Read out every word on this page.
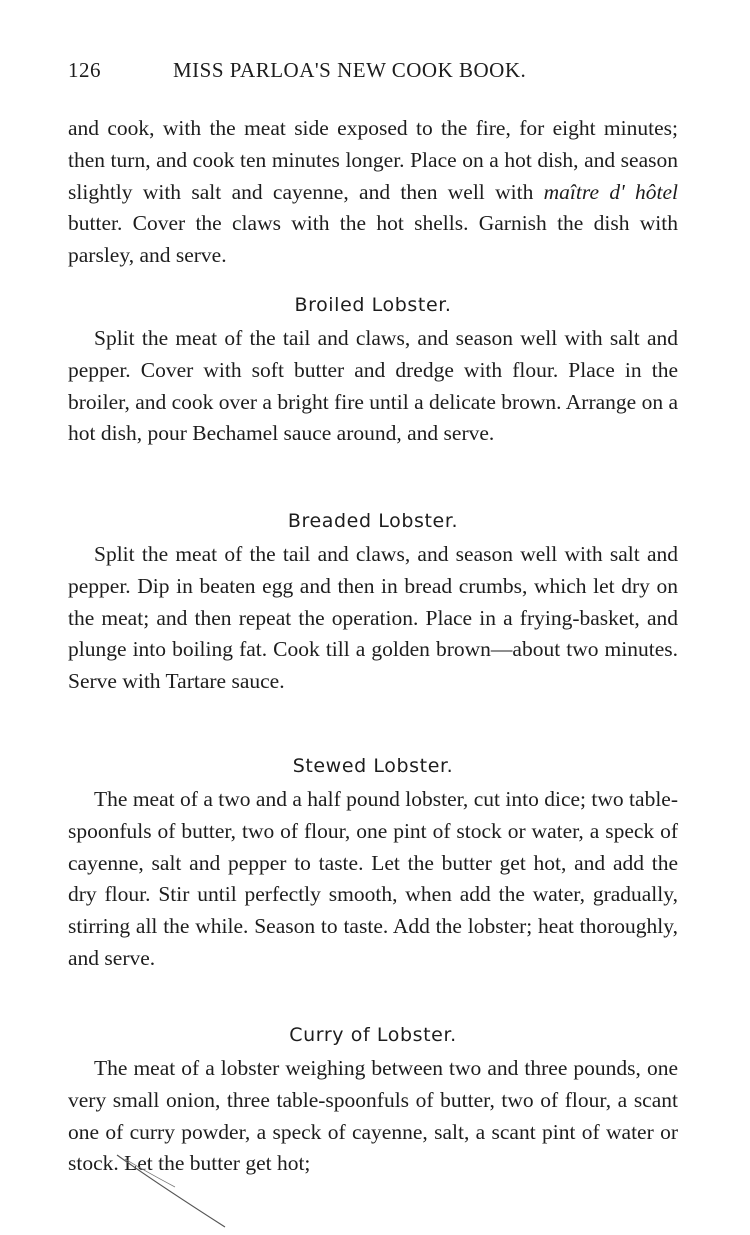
126	MISS PARLOA'S NEW COOK BOOK.

and cook, with the meat side exposed to the fire, for eight minutes; then turn, and cook ten minutes longer. Place on a hot dish, and season slightly with salt and cayenne, and then well with maître d' hôtel butter. Cover the claws with the hot shells. Garnish the dish with parsley, and serve.

Broiled Lobster.

Split the meat of the tail and claws, and season well with salt and pepper. Cover with soft butter and dredge with flour. Place in the broiler, and cook over a bright fire until a delicate brown. Arrange on a hot dish, pour Bechamel sauce around, and serve.

Breaded Lobster.

Split the meat of the tail and claws, and season well with salt and pepper. Dip in beaten egg and then in bread crumbs, which let dry on the meat; and then repeat the operation. Place in a frying-basket, and plunge into boiling fat. Cook till a golden brown—about two minutes. Serve with Tartare sauce.

Stewed Lobster.

The meat of a two and a half pound lobster, cut into dice; two table-spoonfuls of butter, two of flour, one pint of stock or water, a speck of cayenne, salt and pepper to taste. Let the butter get hot, and add the dry flour. Stir until perfectly smooth, when add the water, gradually, stirring all the while. Season to taste. Add the lobster; heat thoroughly, and serve.

Curry of Lobster.

The meat of a lobster weighing between two and three pounds, one very small onion, three table-spoonfuls of butter, two of flour, a scant one of curry powder, a speck of cayenne, salt, a scant pint of water or stock. Let the butter get hot;
